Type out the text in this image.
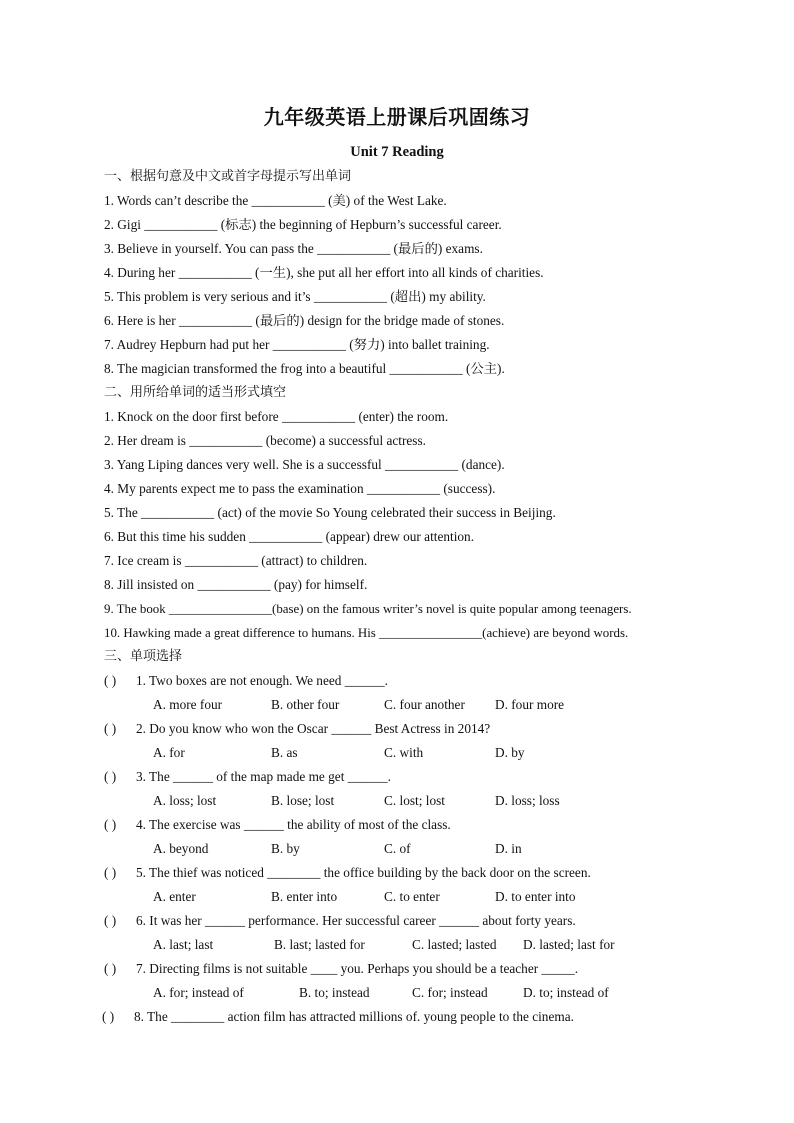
九年级英语上册课后巩固练习
Unit 7 Reading
一、根据句意及中文或首字母提示写出单词
1. Words can’t describe the ___________ (美) of the West Lake.
2. Gigi ___________ (标志) the beginning of Hepburn’s successful career.
3. Believe in yourself. You can pass the ___________ (最后的) exams.
4. During her ___________ (一生), she put all her effort into all kinds of charities.
5. This problem is very serious and it’s ___________ (超出) my ability.
6. Here is her ___________ (最后的) design for the bridge made of stones.
7. Audrey Hepburn had put her ___________ (努力) into ballet training.
8. The magician transformed the frog into a beautiful ___________ (公主).
二、用所给单词的适当形式填空
1. Knock on the door first before ___________ (enter) the room.
2. Her dream is ___________ (become) a successful actress.
3. Yang Liping dances very well. She is a successful ___________ (dance).
4. My parents expect me to pass the examination ___________ (success).
5. The ___________ (act) of the movie So Young celebrated their success in Beijing.
6. But this time his sudden ___________ (appear) drew our attention.
7. Ice cream is ___________ (attract) to children.
8. Jill insisted on ___________ (pay) for himself.
9. The book ________________(base) on the famous writer’s novel is quite popular among teenagers.
10. Hawking made a great difference to humans. His ________________(achieve) are beyond words.
三、单项选择
( ) 1. Two boxes are not enough. We need ______.
A. more four	B. other four	C. four another D. four more
( ) 2. Do you know who won the Oscar ______ Best Actress in 2014?
A. for	B. as	C. with	D. by
( ) 3. The ______ of the map made me get ______.
A. loss; lost	B. lose; lost	C. lost; lost	D. loss; loss
( ) 4. The exercise was ______ the ability of most of the class.
A. beyond	B. by	C. of	D. in
( ) 5. The thief was noticed ________ the office building by the back door on the screen.
A. enter	B. enter into	C. to enter	D. to enter into
( ) 6. It was her ______ performance. Her successful career ______ about forty years.
A. last; last	B. last; lasted for	C. lasted; lasted D. lasted; last for
( ) 7. Directing films is not suitable ____ you. Perhaps you should be a teacher _____.
A. for; instead of	B. to; instead	C. for; instead	D. to; instead of
( ) 8. The ________ action film has attracted millions of. young people to the cinema.
